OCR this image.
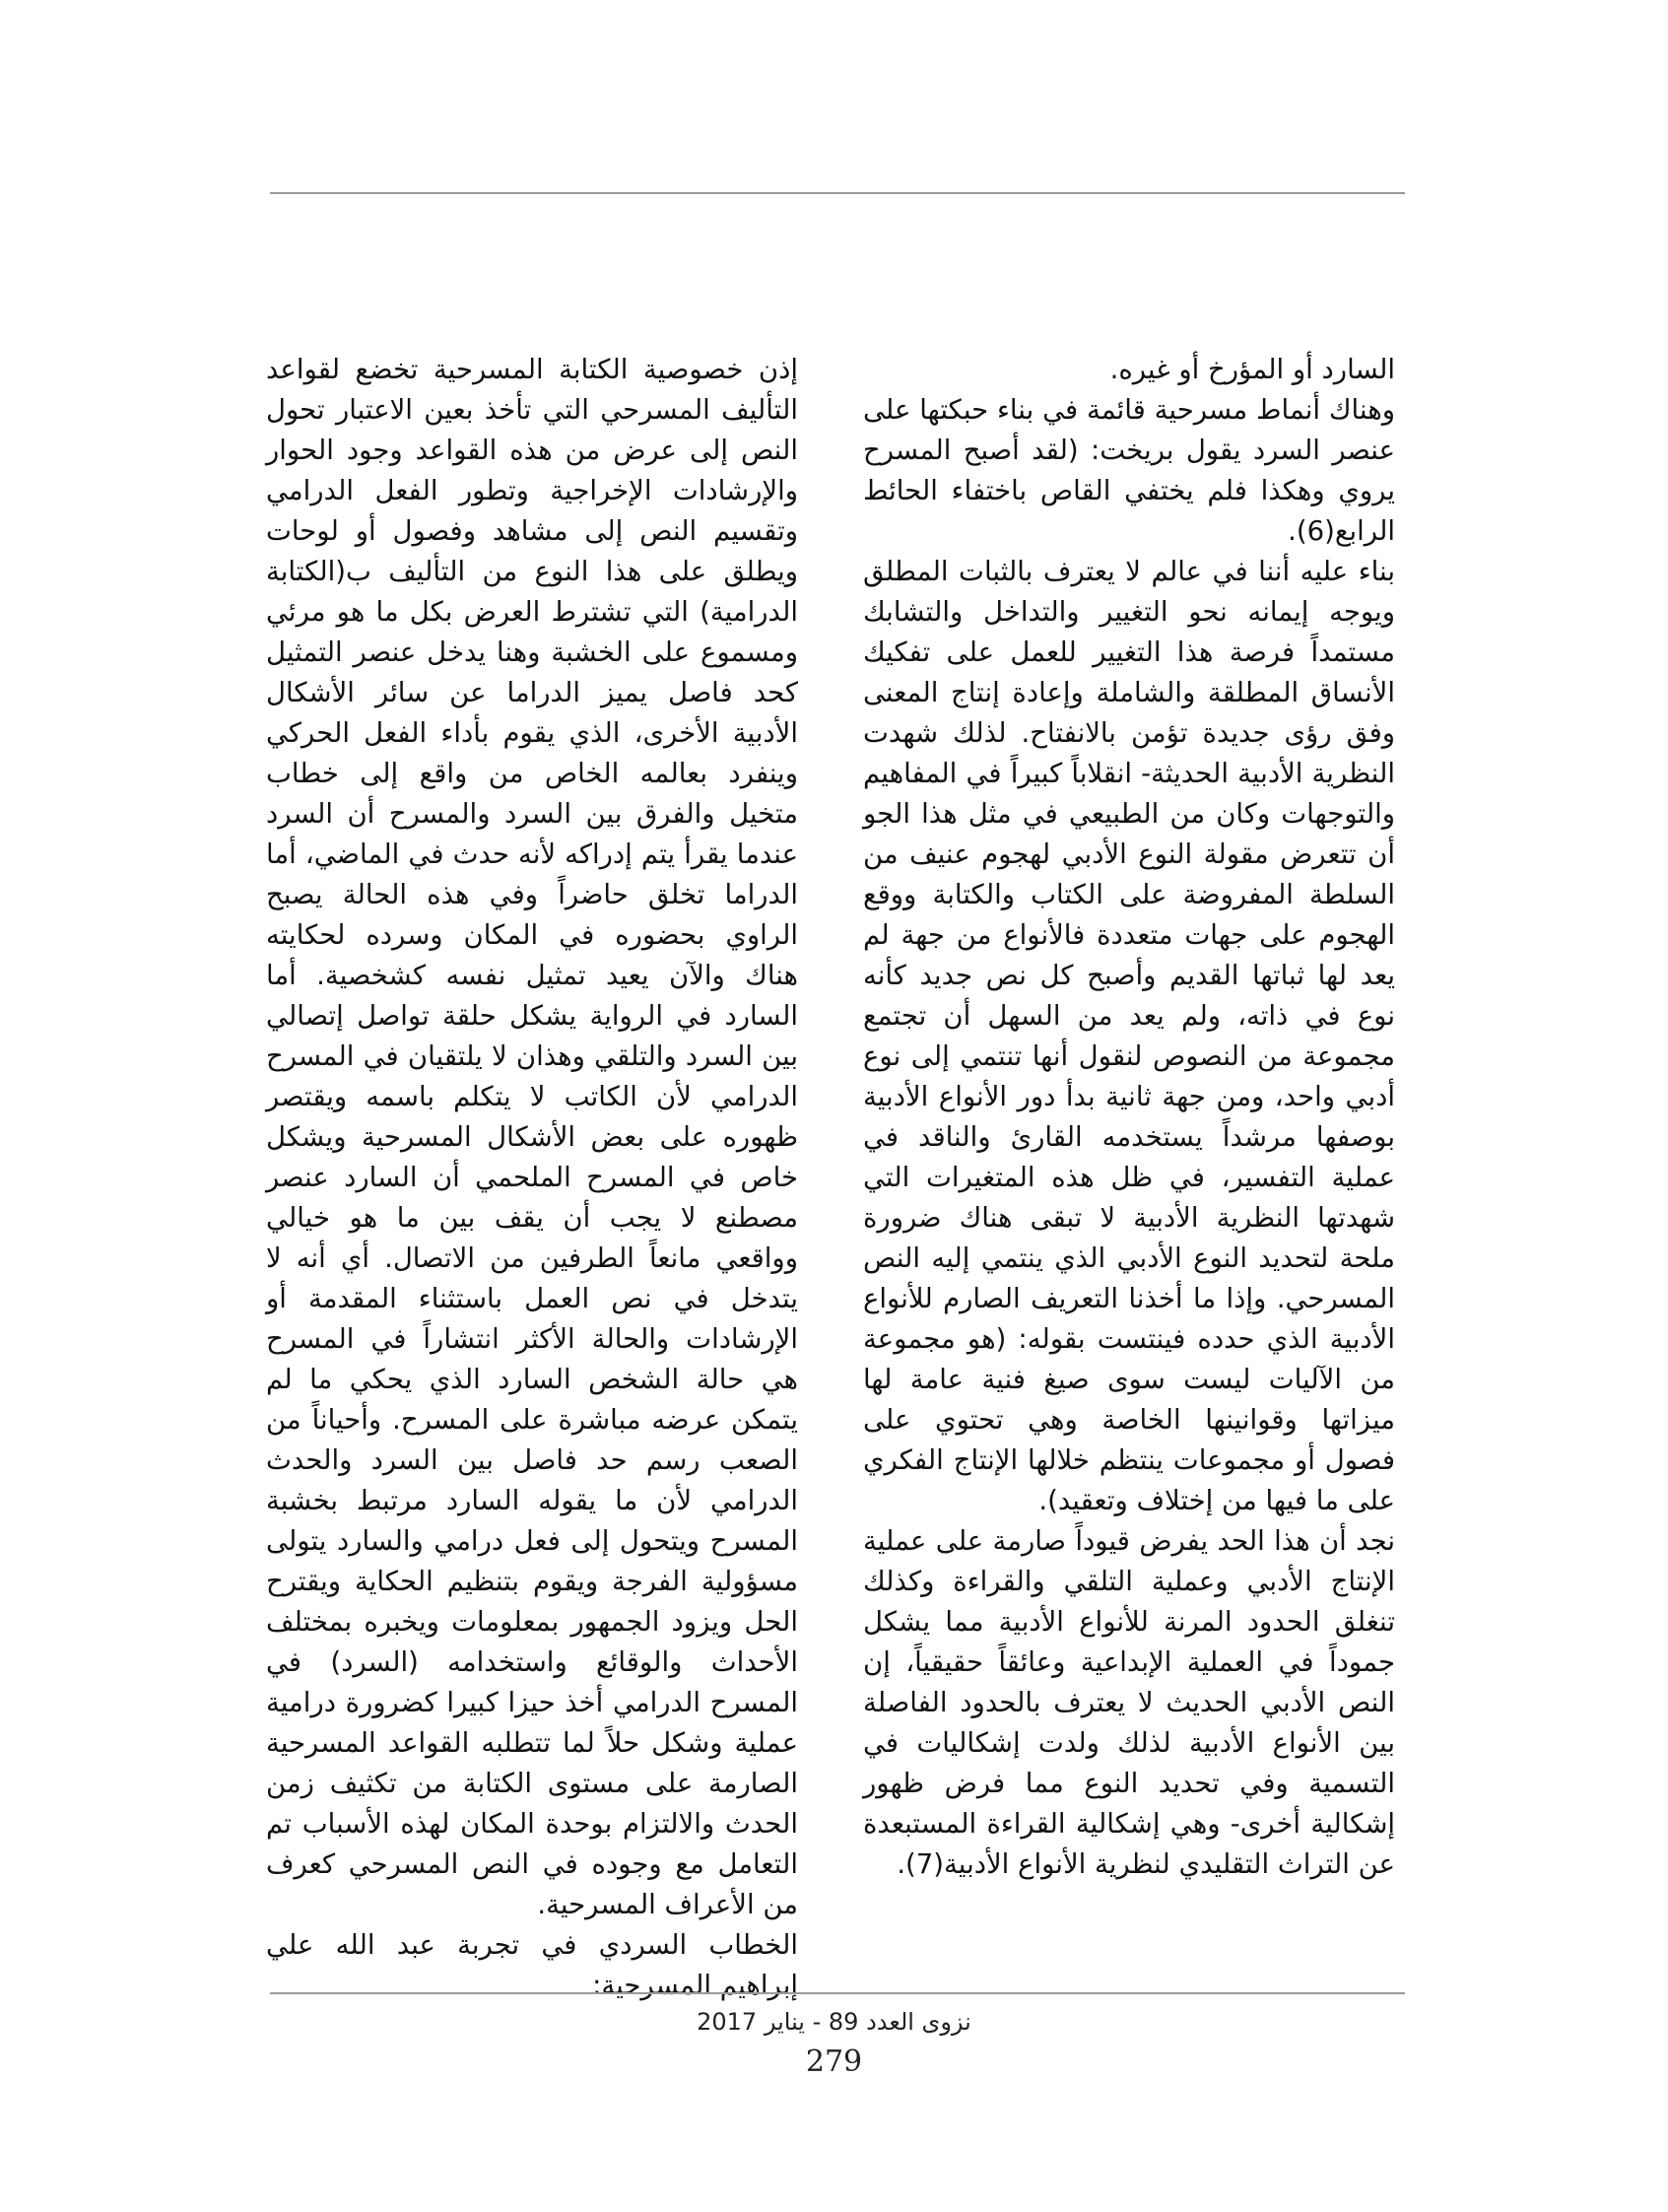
السارد أو المؤرخ أو غيره.

وهناك أنماط مسرحية قائمة في بناء حبكتها على عنصر السرد يقول بريخت: (لقد أصبح المسرح يروي وهكذا فلم يختفي القاص باختفاء الحائط الرابع(6).

بناء عليه أننا في عالم لا يعترف بالثبات المطلق ويوجه إيمانه نحو التغيير والتداخل والتشابك مستمداً فرصة هذا التغيير للعمل على تفكيك الأنساق المطلقة والشاملة وإعادة إنتاج المعنى وفق رؤى جديدة تؤمن بالانفتاح. لذلك شهدت النظرية الأدبية الحديثة- انقلاباً كبيراً في المفاهيم والتوجهات وكان من الطبيعي في مثل هذا الجو أن تتعرض مقولة النوع الأدبي لهجوم عنيف من السلطة المفروضة على الكتاب والكتابة ووقع الهجوم على جهات متعددة فالأنواع من جهة لم يعد لها ثباتها القديم وأصبح كل نص جديد كأنه نوع في ذاته، ولم يعد من السهل أن تجتمع مجموعة من النصوص لنقول أنها تنتمي إلى نوع أدبي واحد، ومن جهة ثانية بدأ دور الأنواع الأدبية بوصفها مرشداً يستخدمه القارئ والناقد في عملية التفسير، في ظل هذه المتغيرات التي شهدتها النظرية الأدبية لا تبقى هناك ضرورة ملحة لتحديد النوع الأدبي الذي ينتمي إليه النص المسرحي. وإذا ما أخذنا التعريف الصارم للأنواع الأدبية الذي حدده فينتست بقوله: (هو مجموعة من الآليات ليست سوى صيغ فنية عامة لها ميزاتها وقوانينها الخاصة وهي تحتوي على فصول أو مجموعات ينتظم خلالها الإنتاج الفكري على ما فيها من إختلاف وتعقيد).

نجد أن هذا الحد يفرض قيوداً صارمة على عملية الإنتاج الأدبي وعملية التلقي والقراءة وكذلك تنغلق الحدود المرنة للأنواع الأدبية مما يشكل جموداً في العملية الإبداعية وعائقاً حقيقياً، إن النص الأدبي الحديث لا يعترف بالحدود الفاصلة بين الأنواع الأدبية لذلك ولدت إشكاليات في التسمية وفي تحديد النوع مما فرض ظهور إشكالية أخرى- وهي إشكالية القراءة المستبعدة عن التراث التقليدي لنظرية الأنواع الأدبية(7).

إذن خصوصية الكتابة المسرحية تخضع لقواعد التأليف المسرحي التي تأخذ بعين الاعتبار تحول النص إلى عرض من هذه القواعد وجود الحوار والإرشادات الإخراجية وتطور الفعل الدرامي وتقسيم النص إلى مشاهد وفصول أو لوحات ويطلق على هذا النوع من التأليف ب(الكتابة الدرامية) التي تشترط العرض بكل ما هو مرئي ومسموع على الخشبة وهنا يدخل عنصر التمثيل كحد فاصل يميز الدراما عن سائر الأشكال الأدبية الأخرى، الذي يقوم بأداء الفعل الحركي وينفرد بعالمه الخاص من واقع إلى خطاب متخيل والفرق بين السرد والمسرح أن السرد عندما يقرأ يتم إدراكه لأنه حدث في الماضي، أما الدراما تخلق حاضراً وفي هذه الحالة يصبح الراوي بحضوره في المكان وسرده لحكايته هناك والآن يعيد تمثيل نفسه كشخصية. أما السارد في الرواية يشكل حلقة تواصل إتصالي بين السرد والتلقي وهذان لا يلتقيان في المسرح الدرامي لأن الكاتب لا يتكلم باسمه ويقتصر ظهوره على بعض الأشكال المسرحية ويشكل خاص في المسرح الملحمي أن السارد عنصر مصطنع لا يجب أن يقف بين ما هو خيالي وواقعي مانعاً الطرفين من الاتصال. أي أنه لا يتدخل في نص العمل باستثناء المقدمة أو الإرشادات والحالة الأكثر انتشاراً في المسرح هي حالة الشخص السارد الذي يحكي ما لم يتمكن عرضه مباشرة على المسرح. وأحياناً من الصعب رسم حد فاصل بين السرد والحدث الدرامي لأن ما يقوله السارد مرتبط بخشبة المسرح ويتحول إلى فعل درامي والسارد يتولى مسؤولية الفرجة ويقوم بتنظيم الحكاية ويقترح الحل ويزود الجمهور بمعلومات ويخبره بمختلف الأحداث والوقائع واستخدامه (السرد) في المسرح الدرامي أخذ حيزا كبيرا كضرورة درامية عملية وشكل حلاً لما تتطلبه القواعد المسرحية الصارمة على مستوى الكتابة من تكثيف زمن الحدث والالتزام بوحدة المكان لهذه الأسباب تم التعامل مع وجوده في النص المسرحي كعرف من الأعراف المسرحية.

الخطاب السردي في تجربة عبد الله علي إبراهيم المسرحية:

نزوى العدد 89 - يناير 2017
279
